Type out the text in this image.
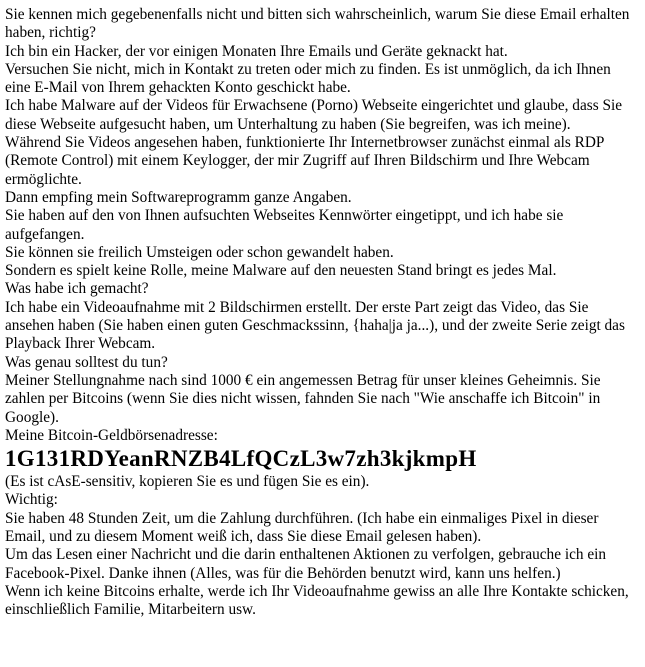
Sie kennen mich gegebenenfalls nicht und bitten sich wahrscheinlich, warum Sie diese Email erhalten haben, richtig?

Ich bin ein Hacker, der vor einigen Monaten Ihre Emails und Geräte geknackt hat.

Versuchen Sie nicht, mich in Kontakt zu treten oder mich zu finden. Es ist unmöglich, da ich Ihnen eine E-Mail von Ihrem gehackten Konto geschickt habe.

Ich habe Malware auf der Videos für Erwachsene (Porno) Webseite eingerichtet und glaube, dass Sie diese Webseite aufgesucht haben, um Unterhaltung zu haben (Sie begreifen, was ich meine).

Während Sie Videos angesehen haben, funktionierte Ihr Internetbrowser zunächst einmal als RDP (Remote Control) mit einem Keylogger, der mir Zugriff auf Ihren Bildschirm und Ihre Webcam ermöglichte.

Dann empfing mein Softwareprogramm ganze Angaben.

Sie haben auf den von Ihnen aufsuchten Webseites Kennwörter eingetippt, und ich habe sie aufgefangen.

Sie können sie freilich Umsteigen oder schon gewandelt haben.

Sondern es spielt keine Rolle, meine Malware auf den neuesten Stand bringt es jedes Mal.

Was habe ich gemacht?

Ich habe ein Videoaufnahme mit 2 Bildschirmen erstellt. Der erste Part zeigt das Video, das Sie ansehen haben (Sie haben einen guten Geschmackssinn, {haha|ja ja...), und der zweite Serie zeigt das Playback Ihrer Webcam.

Was genau solltest du tun?

Meiner Stellungnahme nach sind 1000 € ein angemessen Betrag für unser kleines Geheimnis. Sie zahlen per Bitcoins (wenn Sie dies nicht wissen, fahnden Sie nach "Wie anschaffe ich Bitcoin" in Google).

Meine Bitcoin-Geldbörsenadresse:

1G131RDYeanRNZB4LfQCzL3w7zh3kjkmpH

(Es ist cAsE-sensitiv, kopieren Sie es und fügen Sie es ein).

Wichtig:

Sie haben 48 Stunden Zeit, um die Zahlung durchführen. (Ich habe ein einmaliges Pixel in dieser Email, und zu diesem Moment weiß ich, dass Sie diese Email gelesen haben).

Um das Lesen einer Nachricht und die darin enthaltenen Aktionen zu verfolgen, gebrauche ich ein Facebook-Pixel. Danke ihnen (Alles, was für die Behörden benutzt wird, kann uns helfen.)

Wenn ich keine Bitcoins erhalte, werde ich Ihr Videoaufnahme gewiss an alle Ihre Kontakte schicken, einschließlich Familie, Mitarbeitern usw.
